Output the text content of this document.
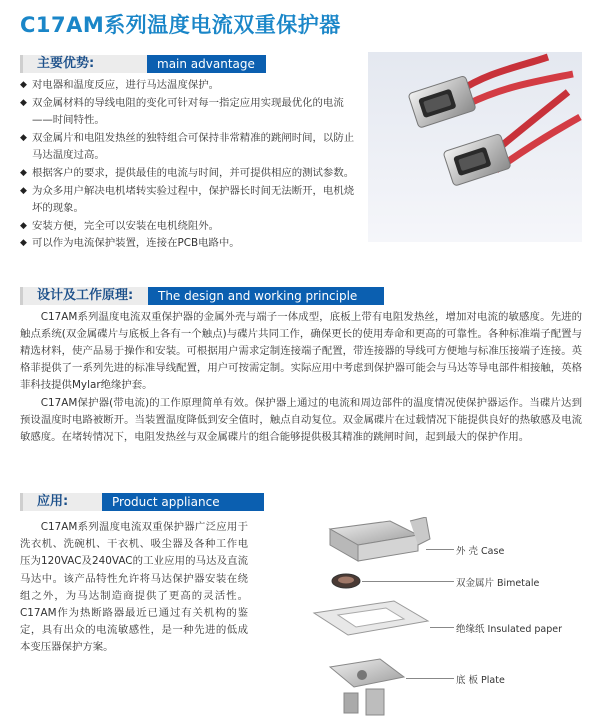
C17AM系列温度电流双重保护器
主要优势:	main advantage
◆ 对电器和温度反应，进行马达温度保护。
◆ 双金属材料的导线电阻的变化可针对每一指定应用实现最优化的电流——时间特性。
◆ 双金属片和电阻发热丝的独特组合可保持非常精准的跳闸时间，以防止马达温度过高。
◆ 根据客户的要求，提供最佳的电流与时间，并可提供相应的测试参数。
◆ 为众多用户解决电机堵转实验过程中，保护器长时间无法断开，电机烧坏的现象。
◆ 安装方便，完全可以安装在电机绕阻外。
◆ 可以作为电流保护装置，连接在PCB电路中。
设计及工作原理:	The design and working principle

C17AM系列温度电流双重保护器的金属外壳与端子一体成型，底板上带有电阻发热丝，增加对电流的敏感度。先进的触点系统(双金属碟片与底板上各有一个触点)与碟片共同工作，确保更长的使用寿命和更高的可靠性。各种标准端子配置与精选材料，使产品易于操作和安装。可根据用户需求定制连接端子配置，带连接器的导线可方便地与标准压接端子连接。英格菲提供了一系列先进的标准导线配置，用户可按需定制。实际应用中考虑到保护器可能会与马达等导电部件相接触，英格菲科技提供Mylar绝缘护套。

C17AM保护器(带电流)的工作原理简单有效。保护器上通过的电流和周边部件的温度情况使保护器运作。当碟片达到预设温度时电路被断开。当装置温度降低到安全值时，触点自动复位。双金属碟片在过载情况下能提供良好的热敏感及电流敏感度。在堵转情况下，电阻发热丝与双金属碟片的组合能够提供极其精准的跳闸时间，起到最大的保护作用。

应用:	Product appliance

C17AM系列温度电流双重保护器广泛应用于洗衣机、洗碗机、干衣机、吸尘器及各种工作电压为120VAC及240VAC的工业应用的马达及直流马达中。该产品特性允许将马达保护器安装在绕组之外，为马达制造商提供了更高的灵活性。C17AM作为热断路器最近已通过有关机构的鉴定，具有出众的电流敏感性，是一种先进的低成本变压器保护方案。

外 壳 Case
双金属片 Bimetale
绝缘纸 Insulated paper
底 板 Plate
